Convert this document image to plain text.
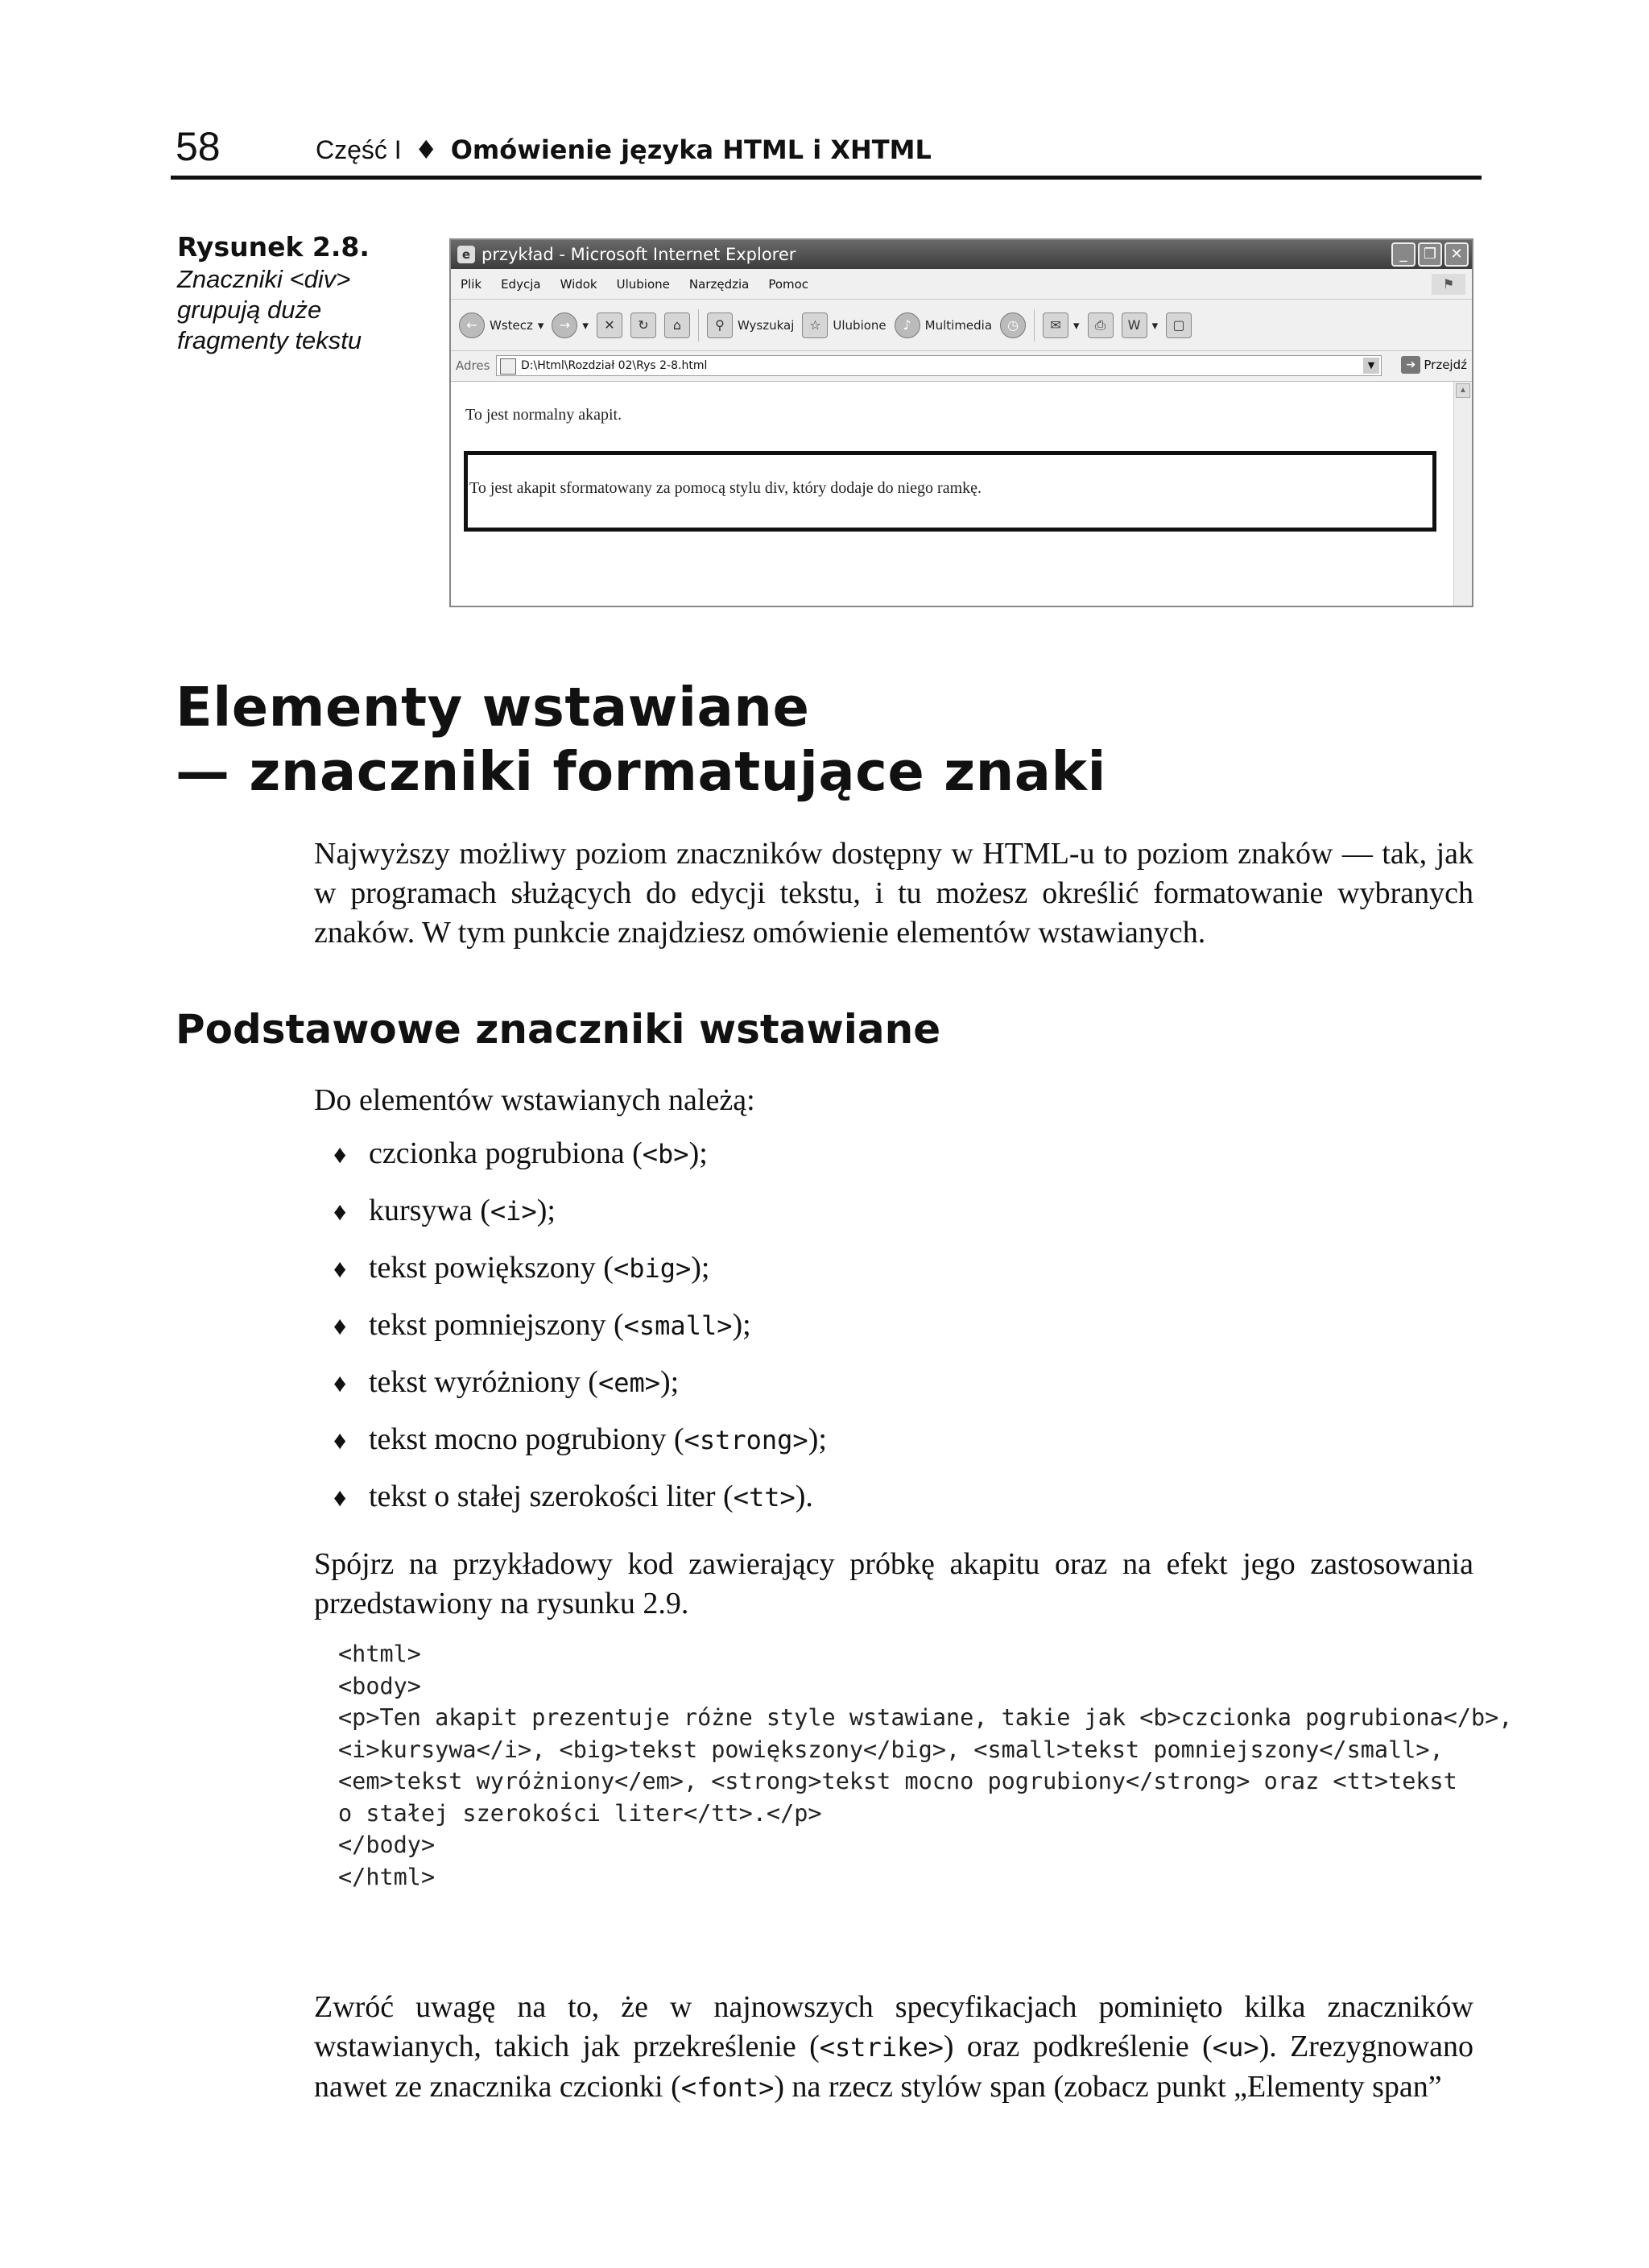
58	Część I ♦ Omówienie języka HTML i XHTML
Rysunek 2.8.
Znaczniki <div> grupują duże fragmenty tekstu
e przykład - Microsoft Internet Explorer	_	❐ ✕
Plik Edycja Widok Ulubione Narzędzia Pomoc	⚑
←	Wstecz ▾	→	▾	✕	↻	⌂	⚲	Wyszukaj	☆ Ulubione	♪	Multimedia	◷	✉	▾	⎙	W ▾	▢
Adres	D:\Html\Rozdział 02\Rys 2-8.html	▼	➔ Przejdź
To jest normalny akapit.
To jest akapit sformatowany za pomocą stylu div, który dodaje do niego ramkę.
▲
Elementy wstawiane
— znaczniki formatujące znaki
Najwyższy możliwy poziom znaczników dostępny w HTML-u to poziom znaków — tak, jak w programach służących do edycji tekstu, i tu możesz określić formatowanie wybranych znaków. W tym punkcie znajdziesz omówienie elementów wstawianych.
Podstawowe znaczniki wstawiane
Do elementów wstawianych należą:
♦ czcionka pogrubiona (<b>);
♦ kursywa (<i>);
♦ tekst powiększony (<big>);
♦ tekst pomniejszony (<small>);
♦ tekst wyróżniony (<em>);
♦ tekst mocno pogrubiony (<strong>);
♦ tekst o stałej szerokości liter (<tt>).
Spójrz na przykładowy kod zawierający próbkę akapitu oraz na efekt jego zastosowania przedstawiony na rysunku 2.9.
<html>
<body>
<p>Ten akapit prezentuje różne style wstawiane, takie jak <b>czcionka pogrubiona</b>,
<i>kursywa</i>, <big>tekst powiększony</big>, <small>tekst pomniejszony</small>,
<em>tekst wyróżniony</em>, <strong>tekst mocno pogrubiony</strong> oraz <tt>tekst
o stałej szerokości liter</tt>.</p>
</body>
</html>
Zwróć uwagę na to, że w najnowszych specyfikacjach pominięto kilka znaczników wstawianych, takich jak przekreślenie (<strike>) oraz podkreślenie (<u>). Zrezygnowano nawet ze znacznika czcionki (<font>) na rzecz stylów span (zobacz punkt „Elementy span”
